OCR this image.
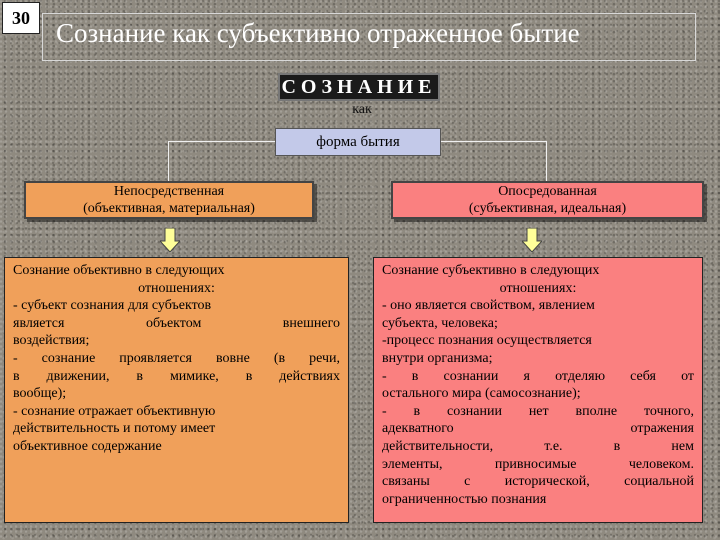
30
Сознание как субъективно отраженное бытие
СОЗНАНИЕ
как
форма бытия
Непосредственная
(объективная, материальная)
Опосредованная
(субъективная, идеальная)

Сознание объективно в следующих

отношениях:

- субъект сознания для субъектов

является объектом внешнего

воздействия;

- сознание проявляется вовне (в речи,

в движении, в мимике, в действиях

вообще);

- сознание отражает объективную

действительность и потому имеет

объективное содержание

Сознание субъективно в следующих

отношениях:

- оно является свойством, явлением

субъекта, человека;

-процесс познания осуществляется

внутри организма;

- в сознании я отделяю себя от

остального мира (самосознание);

- в сознании нет вполне точного,

адекватного отражения

действительности, т.е. в нем

элементы, привносимые человеком.

связаны с исторической, социальной

ограниченностью познания
